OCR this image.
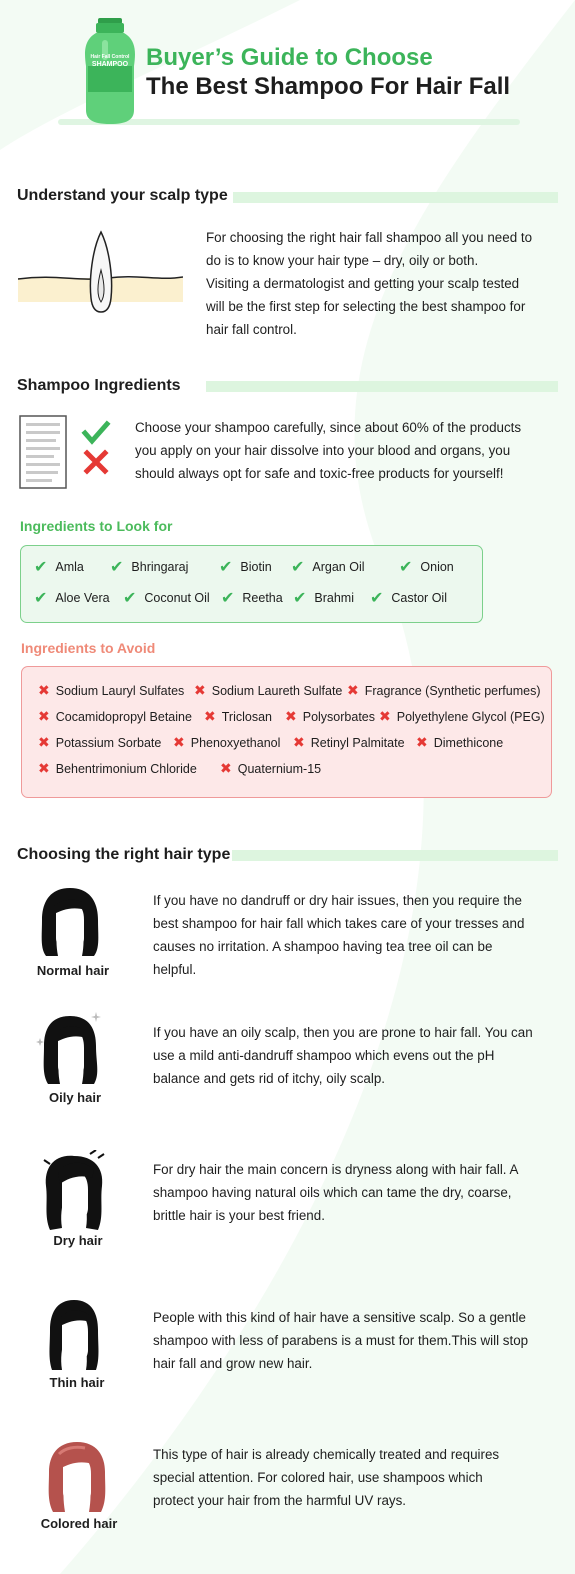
Hair Fall Control
SHAMPOO Buyer’s Guide to Choose
The Best Shampoo For Hair Fall
Understand your scalp type
For choosing the right hair fall shampoo all you need to
do is to know your hair type – dry, oily or both.
Visiting a dermatologist and getting your scalp tested
will be the first step for selecting the best shampoo for
hair fall control.
Shampoo Ingredients
Choose your shampoo carefully, since about 60% of the products
you apply on your hair dissolve into your blood and organs, you
should always opt for safe and toxic-free products for yourself!
Ingredients to Look for
✔ Amla ✔ Bhringaraj ✔ Biotin ✔ Argan Oil ✔ Onion
✔ Aloe Vera ✔ Coconut Oil ✔ Reetha ✔ Brahmi ✔ Castor Oil
Ingredients to Avoid
✖ Sodium Lauryl Sulfates ✖ Sodium Laureth Sulfate ✖ Fragrance (Synthetic perfumes)
✖ Cocamidopropyl Betaine ✖ Triclosan ✖ Polysorbates ✖ Polyethylene Glycol (PEG)
✖ Potassium Sorbate ✖ Phenoxyethanol ✖ Retinyl Palmitate ✖ Dimethicone
✖ Behentrimonium Chloride ✖ Quaternium-15
Choosing the right hair type
Normal hair
If you have no dandruff or dry hair issues, then you require the
best shampoo for hair fall which takes care of your tresses and
causes no irritation. A shampoo having tea tree oil can be
helpful.
Oily hair
If you have an oily scalp, then you are prone to hair fall. You can
use a mild anti-dandruff shampoo which evens out the pH
balance and gets rid of itchy, oily scalp.
Dry hair
For dry hair the main concern is dryness along with hair fall. A
shampoo having natural oils which can tame the dry, coarse,
brittle hair is your best friend.
Thin hair
People with this kind of hair have a sensitive scalp. So a gentle
shampoo with less of parabens is a must for them.This will stop
hair fall and grow new hair.
Colored hair
This type of hair is already chemically treated and requires
special attention. For colored hair, use shampoos which
protect your hair from the harmful UV rays.
